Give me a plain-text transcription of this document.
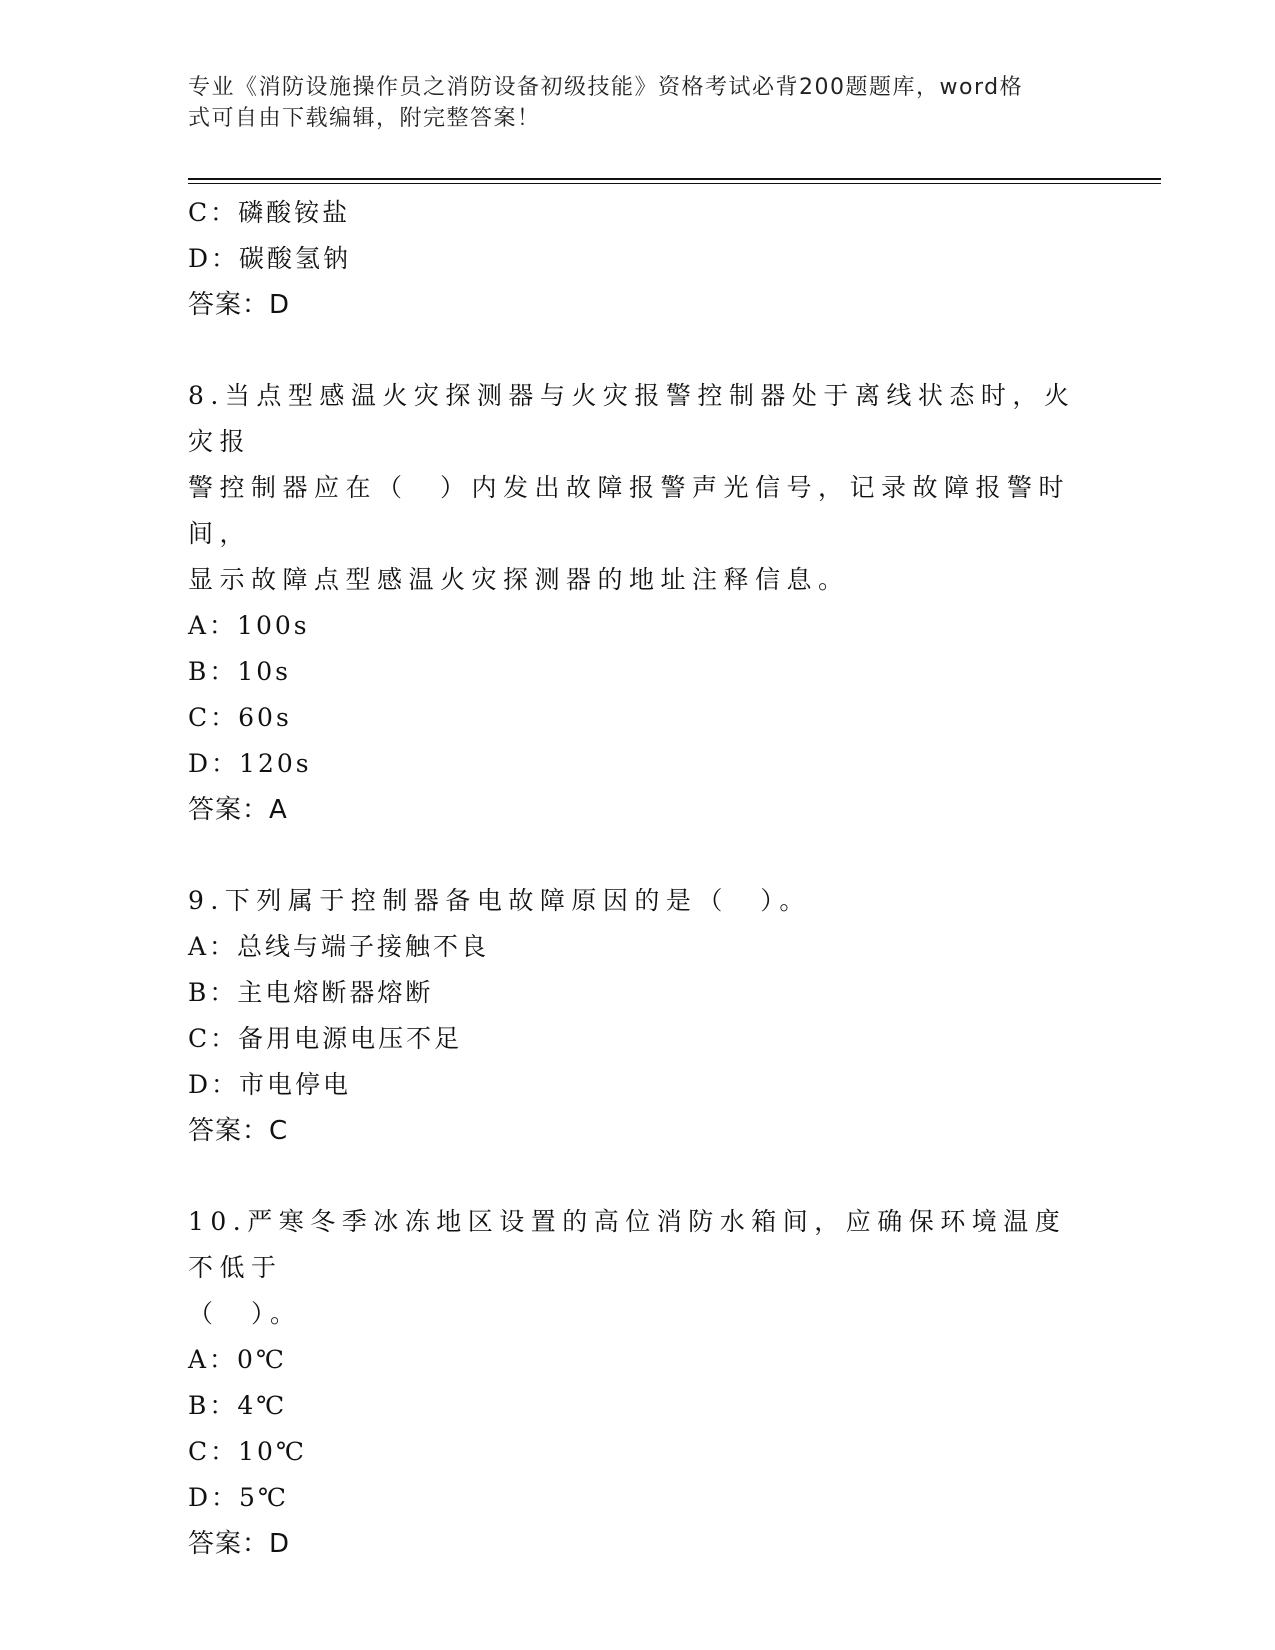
专业《消防设施操作员之消防设备初级技能》资格考试必背200题题库，word格
式可自由下载编辑，附完整答案！
C：磷酸铵盐
D：碳酸氢钠
答案：D
8.当点型感温火灾探测器与火灾报警控制器处于离线状态时，火灾报
警控制器应在（　）内发出故障报警声光信号，记录故障报警时间，
显示故障点型感温火灾探测器的地址注释信息。
A：100s
B：10s
C：60s
D：120s
答案：A
9.下列属于控制器备电故障原因的是（　）。
A：总线与端子接触不良
B：主电熔断器熔断
C：备用电源电压不足
D：市电停电
答案：C
10.严寒冬季冰冻地区设置的高位消防水箱间，应确保环境温度不低于
（　）。
A：0℃
B：4℃
C：10℃
D：5℃
答案：D
